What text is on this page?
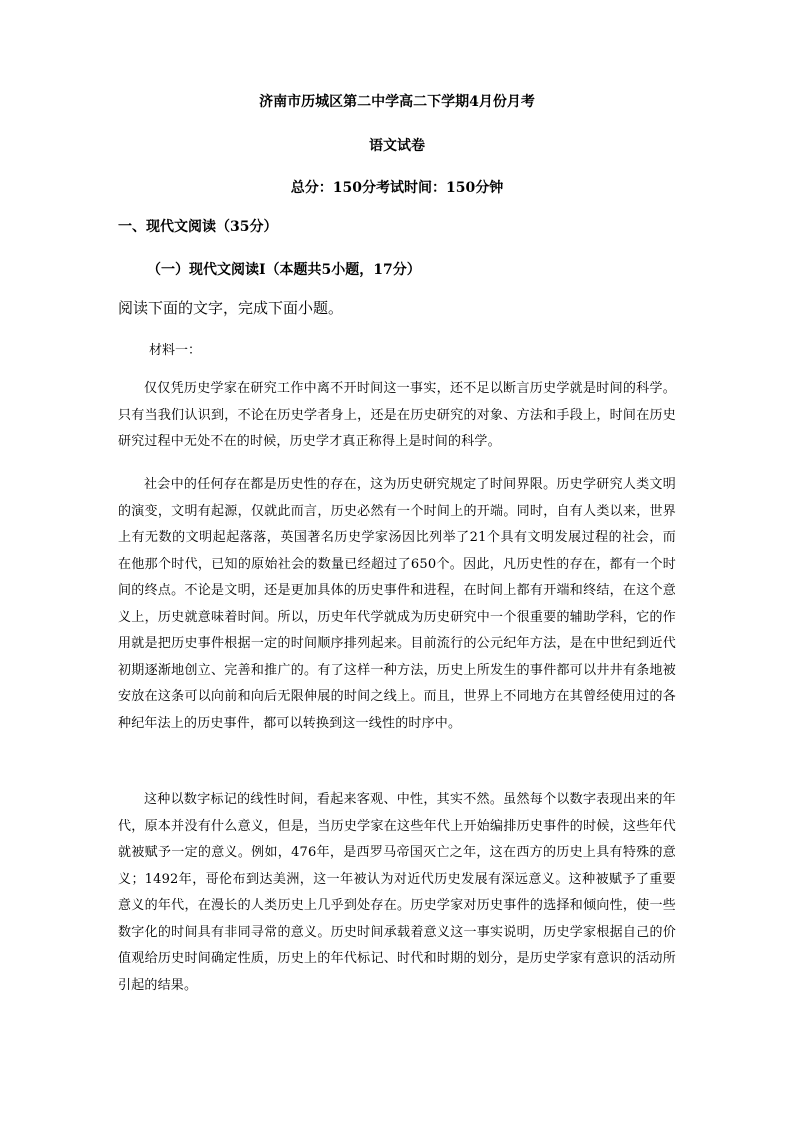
济南市历城区第二中学高二下学期4月份月考
语文试卷
总分：150分考试时间：150分钟
一、现代文阅读（35分）
（一）现代文阅读Ⅰ（本题共5小题，17分）
阅读下面的文字，完成下面小题。
材料一：

仅仅凭历史学家在研究工作中离不开时间这一事实，还不足以断言历史学就是时间的科学。只有当我们认识到，不论在历史学者身上，还是在历史研究的对象、方法和手段上，时间在历史研究过程中无处不在的时候，历史学才真正称得上是时间的科学。

社会中的任何存在都是历史性的存在，这为历史研究规定了时间界限。历史学研究人类文明的演变，文明有起源，仅就此而言，历史必然有一个时间上的开端。同时，自有人类以来，世界上有无数的文明起起落落，英国著名历史学家汤因比列举了21个具有文明发展过程的社会，而在他那个时代，已知的原始社会的数量已经超过了650个。因此，凡历史性的存在，都有一个时间的终点。不论是文明，还是更加具体的历史事件和进程，在时间上都有开端和终结，在这个意义上，历史就意味着时间。所以，历史年代学就成为历史研究中一个很重要的辅助学科，它的作用就是把历史事件根据一定的时间顺序排列起来。目前流行的公元纪年方法，是在中世纪到近代初期逐渐地创立、完善和推广的。有了这样一种方法，历史上所发生的事件都可以井井有条地被安放在这条可以向前和向后无限伸展的时间之线上。而且，世界上不同地方在其曾经使用过的各种纪年法上的历史事件，都可以转换到这一线性的时序中。

这种以数字标记的线性时间，看起来客观、中性，其实不然。虽然每个以数字表现出来的年代，原本并没有什么意义，但是，当历史学家在这些年代上开始编排历史事件的时候，这些年代就被赋予一定的意义。例如，476年，是西罗马帝国灭亡之年，这在西方的历史上具有特殊的意义；1492年，哥伦布到达美洲，这一年被认为对近代历史发展有深远意义。这种被赋予了重要意义的年代，在漫长的人类历史上几乎到处存在。历史学家对历史事件的选择和倾向性，使一些数字化的时间具有非同寻常的意义。历史时间承载着意义这一事实说明，历史学家根据自己的价值观给历史时间确定性质，历史上的年代标记、时代和时期的划分，是历史学家有意识的活动所引起的结果。
